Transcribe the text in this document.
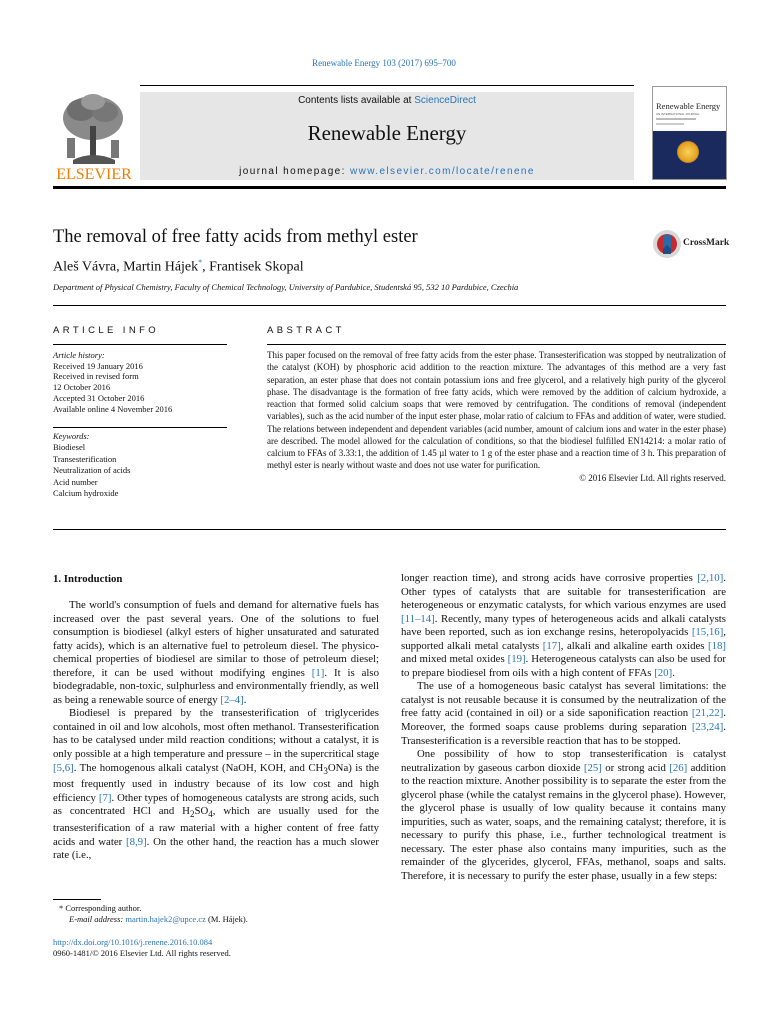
Renewable Energy 103 (2017) 695–700
ELSEVIER
Contents lists available at ScienceDirect
Renewable Energy
journal homepage: www.elsevier.com/locate/renene
Renewable Energy
AN INTERNATIONAL JOURNAL
The removal of free fatty acids from methyl ester	CrossMark
Aleš Vávra, Martin Hájek*, Frantisek Skopal
Department of Physical Chemistry, Faculty of Chemical Technology, University of Pardubice, Studentská 95, 532 10 Pardubice, Czechia
ARTICLE INFO	ABSTRACT
Article history:
Received 19 January 2016
Received in revised form
12 October 2016
Accepted 31 October 2016
Available online 4 November 2016
Keywords:
Biodiesel
Transesterification
Neutralization of acids
Acid number
Calcium hydroxide
This paper focused on the removal of free fatty acids from the ester phase. Transesterification was stopped by neutralization of the catalyst (KOH) by phosphoric acid addition to the reaction mixture. The advantages of this method are a very fast separation, an ester phase that does not contain potassium ions and free glycerol, and a relatively high purity of the glycerol phase. The disadvantage is the formation of free fatty acids, which were removed by the addition of calcium hydroxide, a reaction that formed solid calcium soaps that were removed by centrifugation. The conditions of removal (independent variables), such as the acid number of the input ester phase, molar ratio of calcium to FFAs and addition of water, were studied. The relations between independent and dependent variables (acid number, amount of calcium ions and water in the ester phase) are described. The model allowed for the calculation of conditions, so that the biodiesel fulfilled EN14214: a molar ratio of calcium to FFAs of 3.33:1, the addition of 1.45 µl water to 1 g of the ester phase and a reaction time of 3 h. This preparation of methyl ester is nearly without waste and does not use water for purification.
© 2016 Elsevier Ltd. All rights reserved.
1. Introduction

The world's consumption of fuels and demand for alternative fuels has increased over the past several years. One of the solutions to fuel consumption is biodiesel (alkyl esters of higher unsaturated and saturated fatty acids), which is an alternative fuel to petroleum diesel. The physico-chemical properties of biodiesel are similar to those of petroleum diesel; therefore, it can be used without modifying engines [1]. It is also biodegradable, non-toxic, sulphurless and environmentally friendly, as well as being a renewable source of energy [2–4].

Biodiesel is prepared by the transesterification of triglycerides contained in oil and low alcohols, most often methanol. Transesterification has to be catalysed under mild reaction conditions; without a catalyst, it is only possible at a high temperature and pressure – in the supercritical stage [5,6]. The homogenous alkali catalyst (NaOH, KOH, and $CH_3ONa$) is the most frequently used in industry because of its low cost and high efficiency [7]. Other types of homogeneous catalysts are strong acids, such as concentrated HCl and $H_2SO_4$, which are usually used for the transesterification of a raw material with a higher content of free fatty acids and water [8,9]. On the other hand, the reaction has a much slower rate (i.e.,

longer reaction time), and strong acids have corrosive properties [2,10]. Other types of catalysts that are suitable for transesterification are heterogeneous or enzymatic catalysts, for which various enzymes are used [11–14]. Recently, many types of heterogeneous acids and alkali catalysts have been reported, such as ion exchange resins, heteropolyacids [15,16], supported alkali metal catalysts [17], alkali and alkaline earth oxides [18] and mixed metal oxides [19]. Heterogeneous catalysts can also be used for to prepare biodiesel from oils with a high content of FFAs [20].

The use of a homogeneous basic catalyst has several limitations: the catalyst is not reusable because it is consumed by the neutralization of the free fatty acid (contained in oil) or a side saponification reaction [21,22]. Moreover, the formed soaps cause problems during separation [23,24]. Transesterification is a reversible reaction that has to be stopped.

One possibility of how to stop transesterification is catalyst neutralization by gaseous carbon dioxide [25] or strong acid [26] addition to the reaction mixture. Another possibility is to separate the ester from the glycerol phase (while the catalyst remains in the glycerol phase). However, the glycerol phase is usually of low quality because it contains many impurities, such as water, soaps, and the remaining catalyst; therefore, it is necessary to purify this phase, i.e., further technological treatment is necessary. The ester phase also contains many impurities, such as the remainder of the glycerides, glycerol, FFAs, methanol, soaps and salts. Therefore, it is necessary to purify the ester phase, usually in a few steps:

* Corresponding author.
E-mail address: martin.hajek2@upce.cz (M. Hájek).
http://dx.doi.org/10.1016/j.renene.2016.10.084
0960-1481/© 2016 Elsevier Ltd. All rights reserved.
